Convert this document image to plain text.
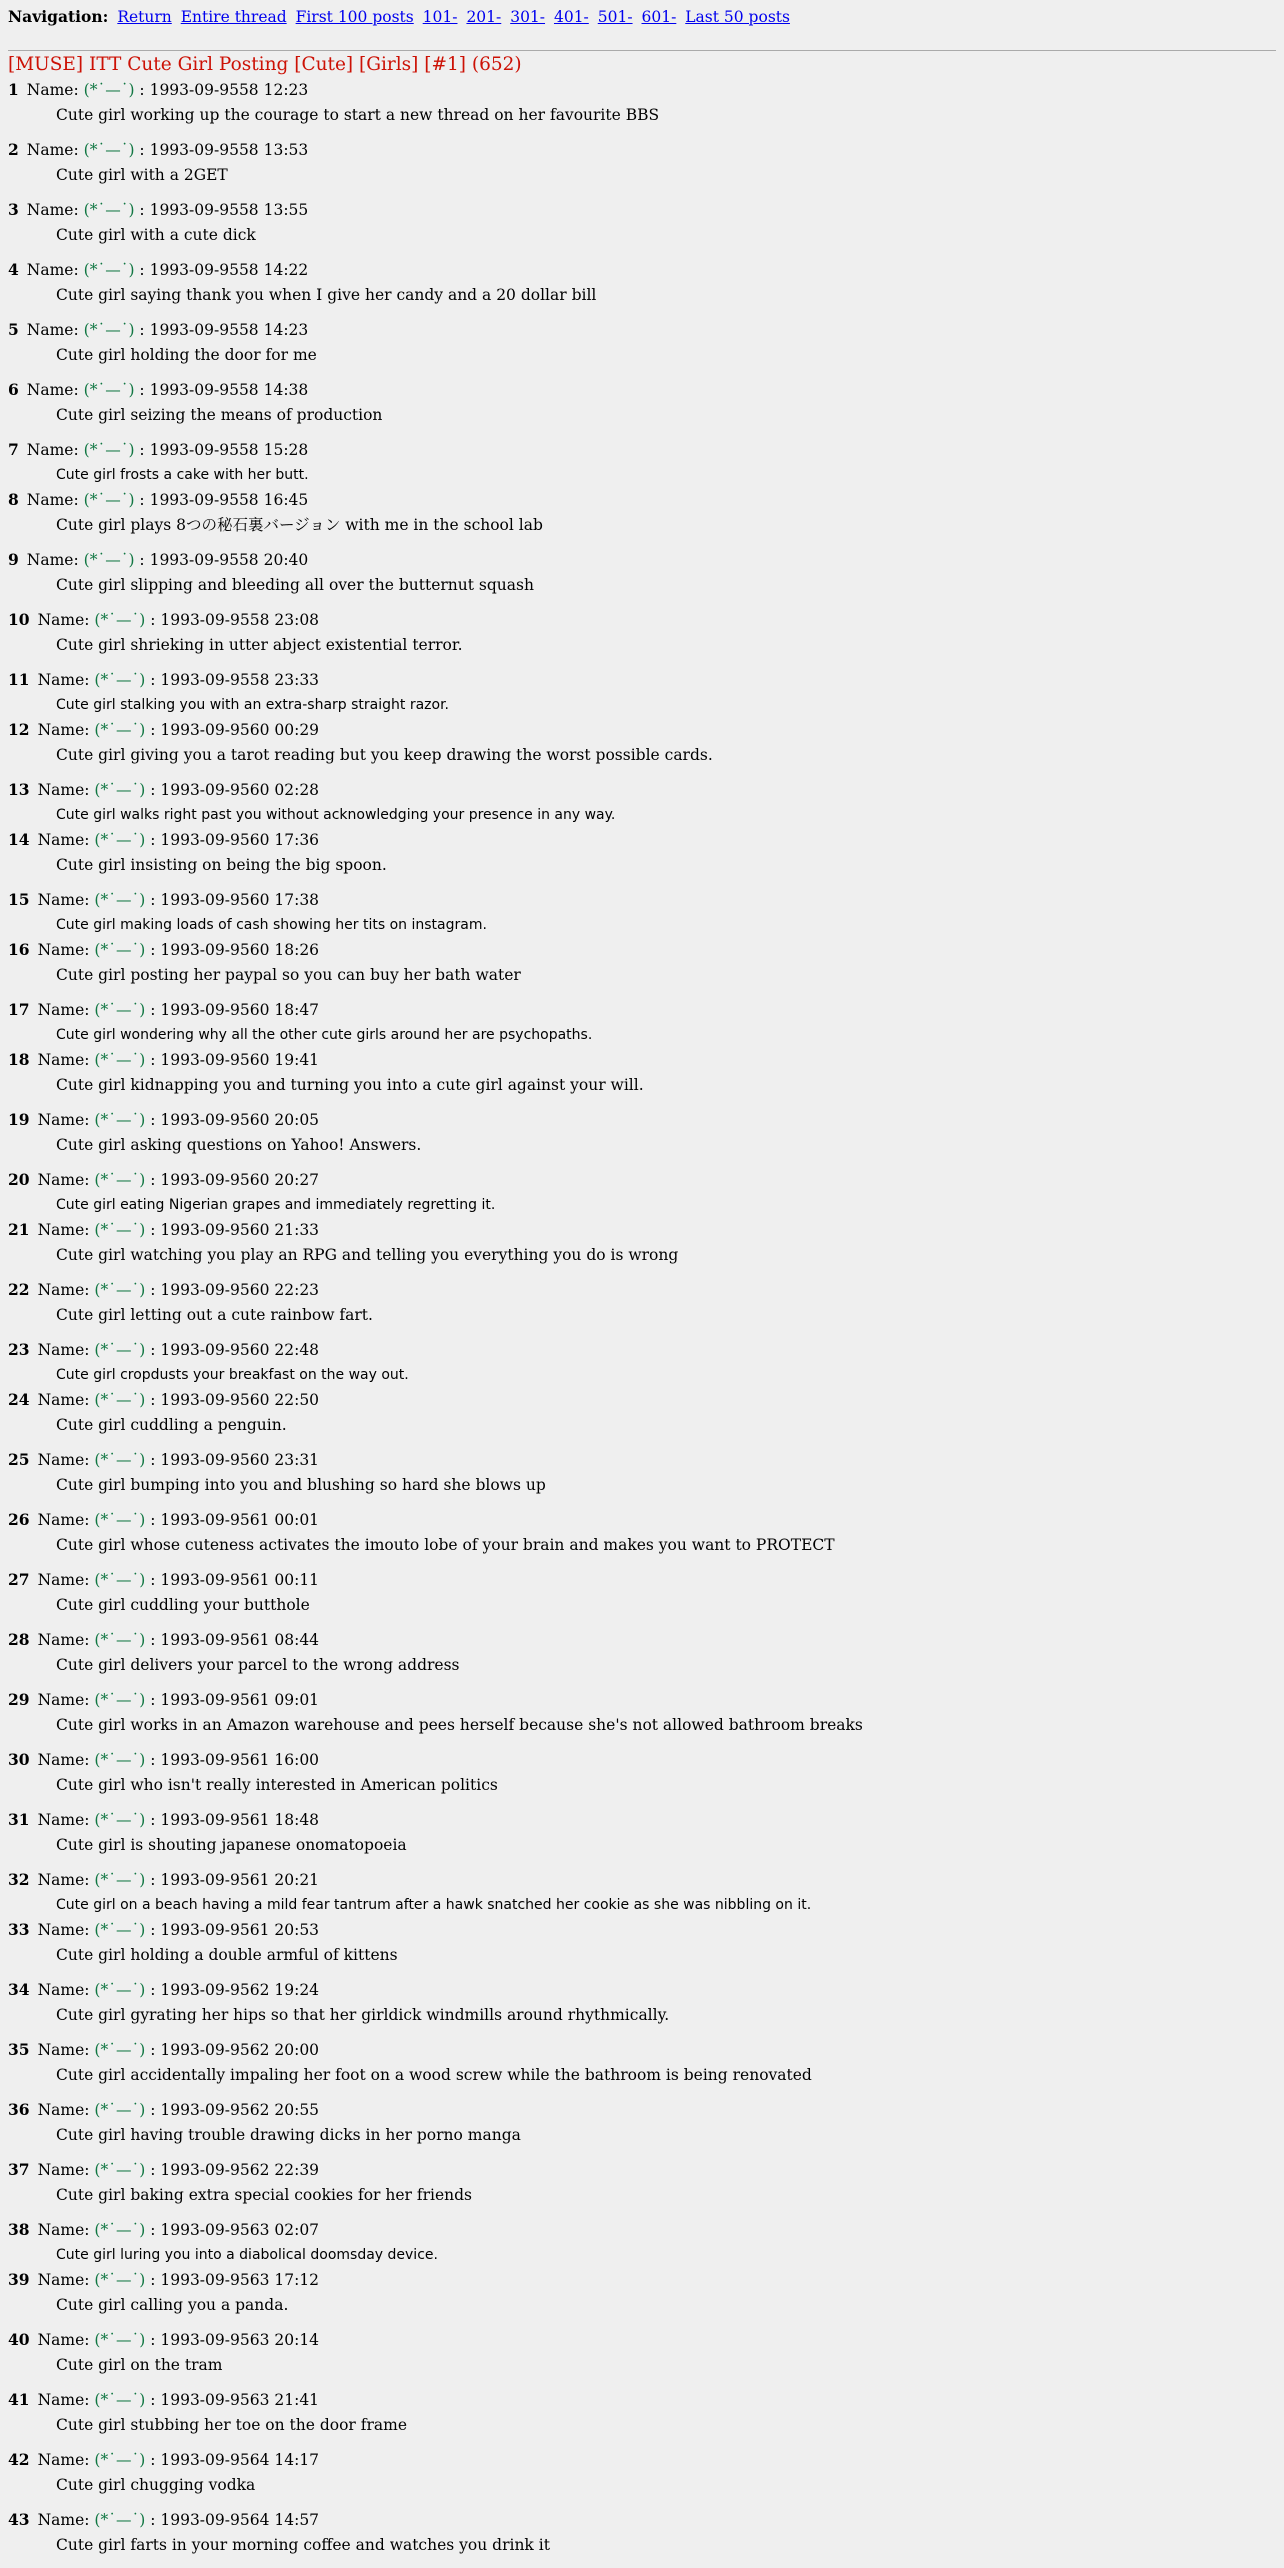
Navigation: Return Entire thread First 100 posts 101- 201- 301- 401- 501- 601- Last 50 posts
[MUSE] ITT Cute Girl Posting [Cute] [Girls] [#1] (652)
1 Name: (*˙—˙) : 1993-09-9558 12:23
Cute girl working up the courage to start a new thread on her favourite BBS
2 Name: (*˙—˙) : 1993-09-9558 13:53
Cute girl with a 2GET
3 Name: (*˙—˙) : 1993-09-9558 13:55
Cute girl with a cute dick
4 Name: (*˙—˙) : 1993-09-9558 14:22
Cute girl saying thank you when I give her candy and a 20 dollar bill
5 Name: (*˙—˙) : 1993-09-9558 14:23
Cute girl holding the door for me
6 Name: (*˙—˙) : 1993-09-9558 14:38
Cute girl seizing the means of production
7 Name: (*˙—˙) : 1993-09-9558 15:28
Cute girl frosts a cake with her butt.
8 Name: (*˙—˙) : 1993-09-9558 16:45
Cute girl plays 8つの秘石裏バージョン with me in the school lab
9 Name: (*˙—˙) : 1993-09-9558 20:40
Cute girl slipping and bleeding all over the butternut squash
10 Name: (*˙—˙) : 1993-09-9558 23:08
Cute girl shrieking in utter abject existential terror.
11 Name: (*˙—˙) : 1993-09-9558 23:33
Cute girl stalking you with an extra-sharp straight razor.
12 Name: (*˙—˙) : 1993-09-9560 00:29
Cute girl giving you a tarot reading but you keep drawing the worst possible cards.
13 Name: (*˙—˙) : 1993-09-9560 02:28
Cute girl walks right past you without acknowledging your presence in any way.
14 Name: (*˙—˙) : 1993-09-9560 17:36
Cute girl insisting on being the big spoon.
15 Name: (*˙—˙) : 1993-09-9560 17:38
Cute girl making loads of cash showing her tits on instagram.
16 Name: (*˙—˙) : 1993-09-9560 18:26
Cute girl posting her paypal so you can buy her bath water
17 Name: (*˙—˙) : 1993-09-9560 18:47
Cute girl wondering why all the other cute girls around her are psychopaths.
18 Name: (*˙—˙) : 1993-09-9560 19:41
Cute girl kidnapping you and turning you into a cute girl against your will.
19 Name: (*˙—˙) : 1993-09-9560 20:05
Cute girl asking questions on Yahoo! Answers.
20 Name: (*˙—˙) : 1993-09-9560 20:27
Cute girl eating Nigerian grapes and immediately regretting it.
21 Name: (*˙—˙) : 1993-09-9560 21:33
Cute girl watching you play an RPG and telling you everything you do is wrong
22 Name: (*˙—˙) : 1993-09-9560 22:23
Cute girl letting out a cute rainbow fart.
23 Name: (*˙—˙) : 1993-09-9560 22:48
Cute girl cropdusts your breakfast on the way out.
24 Name: (*˙—˙) : 1993-09-9560 22:50
Cute girl cuddling a penguin.
25 Name: (*˙—˙) : 1993-09-9560 23:31
Cute girl bumping into you and blushing so hard she blows up
26 Name: (*˙—˙) : 1993-09-9561 00:01
Cute girl whose cuteness activates the imouto lobe of your brain and makes you want to PROTECT
27 Name: (*˙—˙) : 1993-09-9561 00:11
Cute girl cuddling your butthole
28 Name: (*˙—˙) : 1993-09-9561 08:44
Cute girl delivers your parcel to the wrong address
29 Name: (*˙—˙) : 1993-09-9561 09:01
Cute girl works in an Amazon warehouse and pees herself because she's not allowed bathroom breaks
30 Name: (*˙—˙) : 1993-09-9561 16:00
Cute girl who isn't really interested in American politics
31 Name: (*˙—˙) : 1993-09-9561 18:48
Cute girl is shouting japanese onomatopoeia
32 Name: (*˙—˙) : 1993-09-9561 20:21
Cute girl on a beach having a mild fear tantrum after a hawk snatched her cookie as she was nibbling on it.
33 Name: (*˙—˙) : 1993-09-9561 20:53
Cute girl holding a double armful of kittens
34 Name: (*˙—˙) : 1993-09-9562 19:24
Cute girl gyrating her hips so that her girldick windmills around rhythmically.
35 Name: (*˙—˙) : 1993-09-9562 20:00
Cute girl accidentally impaling her foot on a wood screw while the bathroom is being renovated
36 Name: (*˙—˙) : 1993-09-9562 20:55
Cute girl having trouble drawing dicks in her porno manga
37 Name: (*˙—˙) : 1993-09-9562 22:39
Cute girl baking extra special cookies for her friends
38 Name: (*˙—˙) : 1993-09-9563 02:07
Cute girl luring you into a diabolical doomsday device.
39 Name: (*˙—˙) : 1993-09-9563 17:12
Cute girl calling you a panda.
40 Name: (*˙—˙) : 1993-09-9563 20:14
Cute girl on the tram
41 Name: (*˙—˙) : 1993-09-9563 21:41
Cute girl stubbing her toe on the door frame
42 Name: (*˙—˙) : 1993-09-9564 14:17
Cute girl chugging vodka
43 Name: (*˙—˙) : 1993-09-9564 14:57
Cute girl farts in your morning coffee and watches you drink it
